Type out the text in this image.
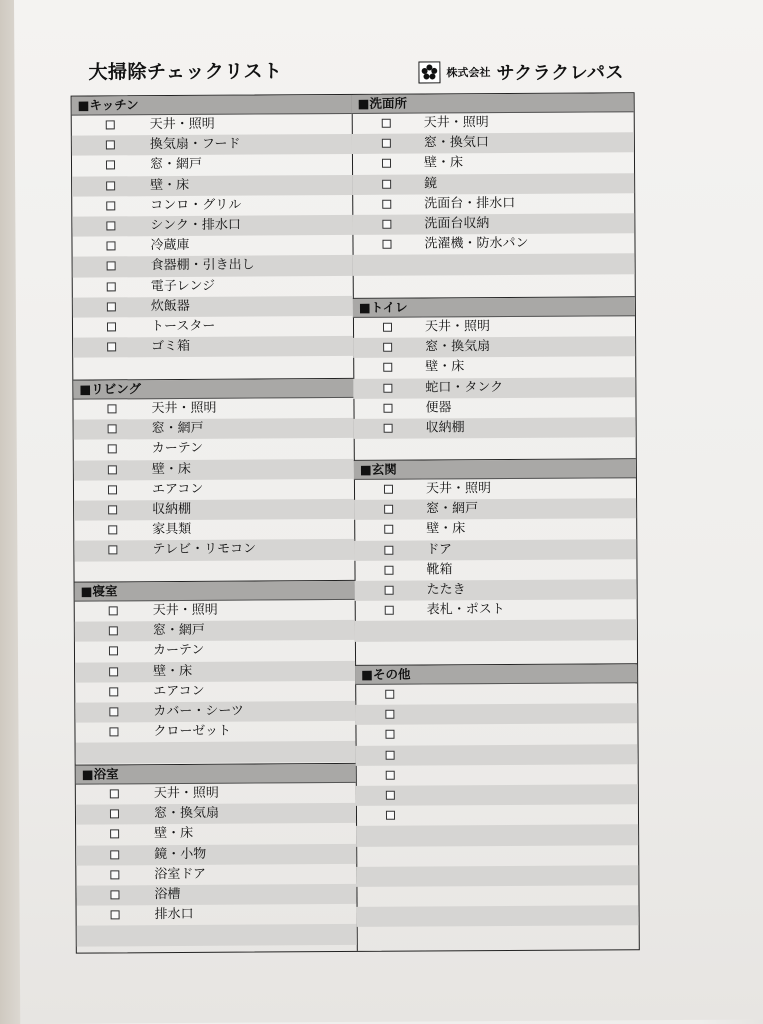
大掃除チェックリスト	株式会社 サクラクレパス
■キッチン
天井・照明
換気扇・フード
窓・網戸
壁・床
コンロ・グリル
シンク・排水口
冷蔵庫
食器棚・引き出し
電子レンジ
炊飯器
トースター
ゴミ箱
■リビング
天井・照明
窓・網戸
カーテン
壁・床
エアコン
収納棚
家具類
テレビ・リモコン
■寝室
天井・照明
窓・網戸
カーテン
壁・床
エアコン
カバー・シーツ
クローゼット
■浴室
天井・照明
窓・換気扇
壁・床
鏡・小物
浴室ドア
浴槽
排水口
■洗面所
天井・照明
窓・換気口
壁・床
鏡
洗面台・排水口
洗面台収納
洗濯機・防水パン
■トイレ
天井・照明
窓・換気扇
壁・床
蛇口・タンク
便器
収納棚
■玄関
天井・照明
窓・網戸
壁・床
ドア
靴箱
たたき
表札・ポスト
■その他
